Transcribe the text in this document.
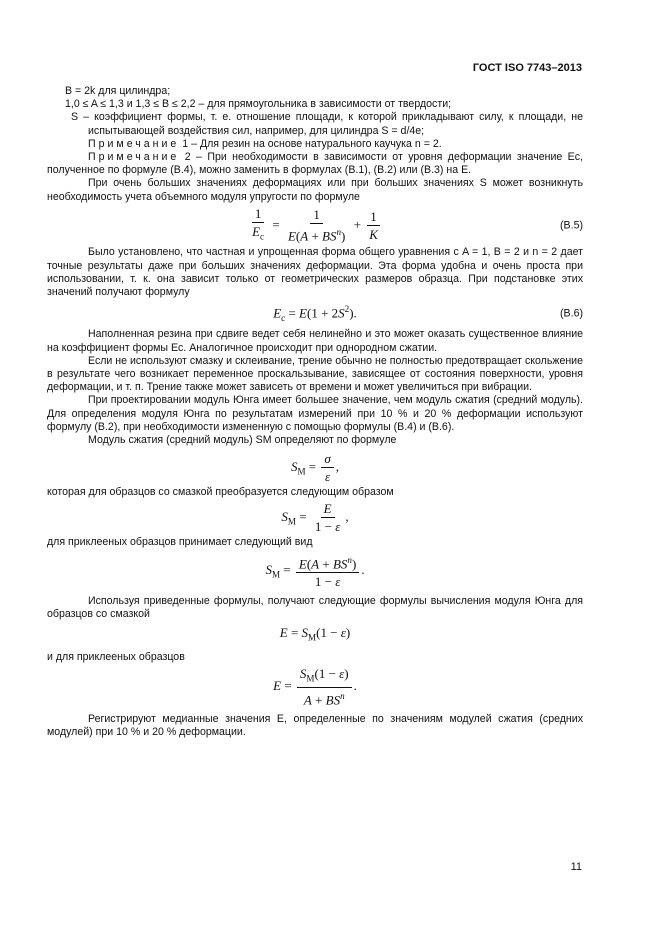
ГОСТ ISO 7743–2013

B = 2k для цилиндра;

1,0 ≤ A ≤ 1,3 и 1,3 ≤ B ≤ 2,2 – для прямоугольника в зависимости от твердости;

S – коэффициент формы, т. е. отношение площади, к которой прикладывают силу, к площади, не испытывающей воздействия сил, например, для цилиндра S = d/4e;

Примечание 1 – Для резин на основе натурального каучука n = 2.

Примечание 2 – При необходимости в зависимости от уровня деформации значение Ec, полученное по формуле (В.4), можно заменить в формулах (В.1), (В.2) или (В.3) на E.

При очень больших значениях деформациях или при больших значениях S может возникнуть необходимость учета объемного модуля упругости по формуле

$\frac{1}{E_c} = \frac{1}{E(A + BS^n)} + \frac{1}{K}$	(В.5)

Было установлено, что частная и упрощенная форма общего уравнения с A = 1, B = 2 и n = 2 дает точные результаты даже при больших значениях деформации. Эта форма удобна и очень проста при использовании, т. к. она зависит только от геометрических размеров образца. При подстановке этих значений получают формулу

$E_c = E(1 + 2S^2)$.	(В.6)

Наполненная резина при сдвиге ведет себя нелинейно и это может оказать существенное влияние на коэффициент формы Ec. Аналогичное происходит при однородном сжатии.

Если не используют смазку и склеивание, трение обычно не полностью предотвращает скольжение в результате чего возникает переменное проскальзывание, зависящее от состояния поверхности, уровня деформации, и т. п. Трение также может зависеть от времени и может увеличиться при вибрации.

При проектировании модуль Юнга имеет большее значение, чем модуль сжатия (средний модуль). Для определения модуля Юнга по результатам измерений при 10 % и 20 % деформации используют формулу (В.2), при необходимости измененную с помощью формулы (В.4) и (В.6).

Модуль сжатия (средний модуль) SM определяют по формуле

$S_M = \frac{\sigma}{\varepsilon}$ ,

которая для образцов со смазкой преобразуется следующим образом

$S_M = \frac{E}{1 - \varepsilon}$ ,

для приклееных образцов принимает следующий вид

$S_M = \frac{E(A + BS^n)}{1 - \varepsilon}$ .

Используя приведенные формулы, получают следующие формулы вычисления модуля Юнга для образцов со смазкой

$E = S_M(1 - \varepsilon)$

и для приклееных образцов

$E = \frac{S_M(1 - \varepsilon)}{A + BS^n}$ .

Регистрируют медианные значения E, определенные по значениям модулей сжатия (средних модулей) при 10 % и 20 % деформации.

11
